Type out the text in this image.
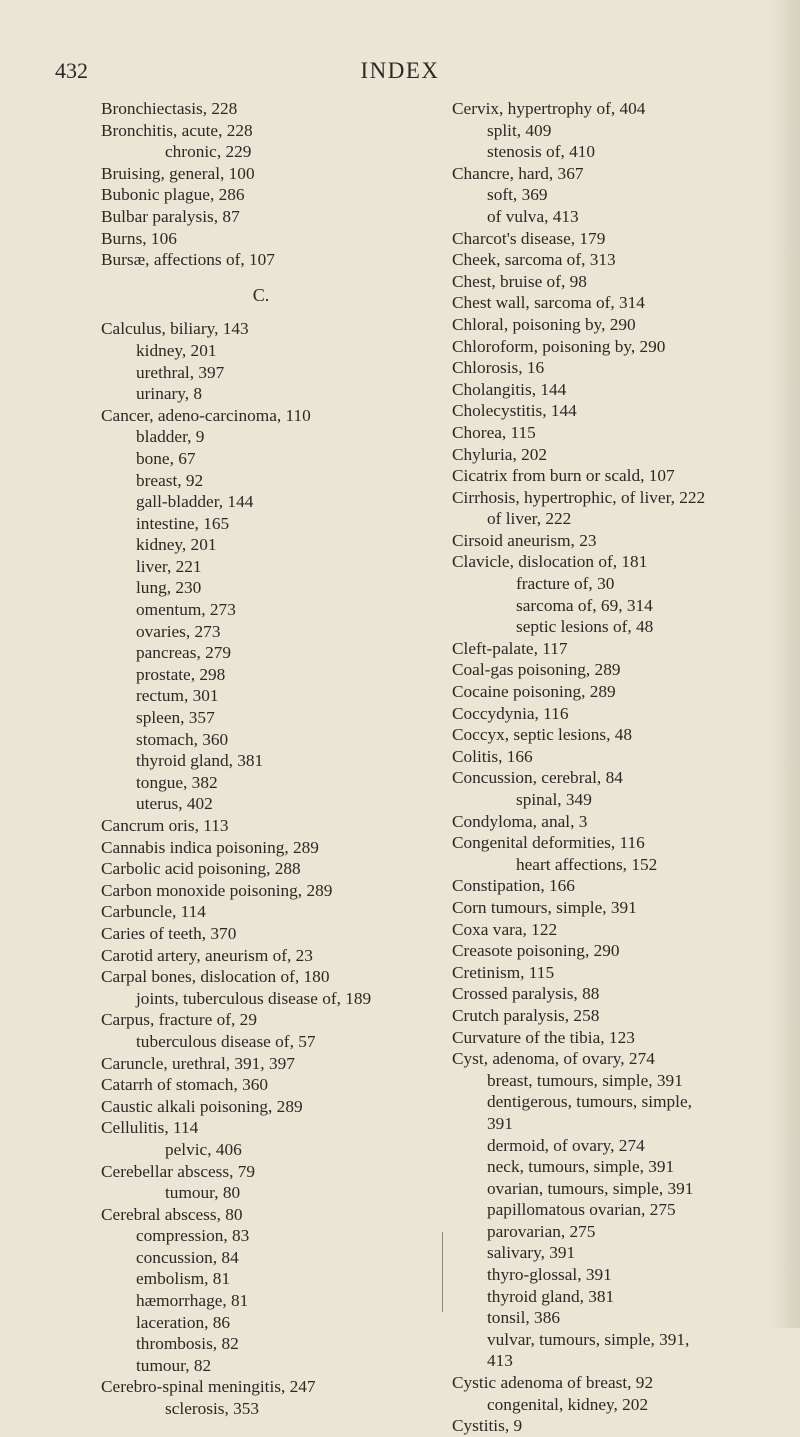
432	INDEX
Bronchiectasis, 228
Bronchitis, acute, 228
chronic, 229
Bruising, general, 100
Bubonic plague, 286
Bulbar paralysis, 87
Burns, 106
Bursæ, affections of, 107
C.
Calculus, biliary, 143
kidney, 201
urethral, 397
urinary, 8
Cancer, adeno-carcinoma, 110
bladder, 9
bone, 67
breast, 92
gall-bladder, 144
intestine, 165
kidney, 201
liver, 221
lung, 230
omentum, 273
ovaries, 273
pancreas, 279
prostate, 298
rectum, 301
spleen, 357
stomach, 360
thyroid gland, 381
tongue, 382
uterus, 402
Cancrum oris, 113
Cannabis indica poisoning, 289
Carbolic acid poisoning, 288
Carbon monoxide poisoning, 289
Carbuncle, 114
Caries of teeth, 370
Carotid artery, aneurism of, 23
Carpal bones, dislocation of, 180
joints, tuberculous disease of, 189
Carpus, fracture of, 29
tuberculous disease of, 57
Caruncle, urethral, 391, 397
Catarrh of stomach, 360
Caustic alkali poisoning, 289
Cellulitis, 114
pelvic, 406
Cerebellar abscess, 79
tumour, 80
Cerebral abscess, 80
compression, 83
concussion, 84
embolism, 81
hæmorrhage, 81
laceration, 86
thrombosis, 82
tumour, 82
Cerebro-spinal meningitis, 247
sclerosis, 353
Cervix, hypertrophy of, 404
split, 409
stenosis of, 410
Chancre, hard, 367
soft, 369
of vulva, 413
Charcot's disease, 179
Cheek, sarcoma of, 313
Chest, bruise of, 98
Chest wall, sarcoma of, 314
Chloral, poisoning by, 290
Chloroform, poisoning by, 290
Chlorosis, 16
Cholangitis, 144
Cholecystitis, 144
Chorea, 115
Chyluria, 202
Cicatrix from burn or scald, 107
Cirrhosis, hypertrophic, of liver, 222
of liver, 222
Cirsoid aneurism, 23
Clavicle, dislocation of, 181
fracture of, 30
sarcoma of, 69, 314
septic lesions of, 48
Cleft-palate, 117
Coal-gas poisoning, 289
Cocaine poisoning, 289
Coccydynia, 116
Coccyx, septic lesions, 48
Colitis, 166
Concussion, cerebral, 84
spinal, 349
Condyloma, anal, 3
Congenital deformities, 116
heart affections, 152
Constipation, 166
Corn tumours, simple, 391
Coxa vara, 122
Creasote poisoning, 290
Cretinism, 115
Crossed paralysis, 88
Crutch paralysis, 258
Curvature of the tibia, 123
Cyst, adenoma, of ovary, 274
breast, tumours, simple, 391
dentigerous, tumours, simple,
391
dermoid, of ovary, 274
neck, tumours, simple, 391
ovarian, tumours, simple, 391
papillomatous ovarian, 275
parovarian, 275
salivary, 391
thyro-glossal, 391
thyroid gland, 381
tonsil, 386
vulvar, tumours, simple, 391,
413
Cystic adenoma of breast, 92
congenital, kidney, 202
Cystitis, 9
